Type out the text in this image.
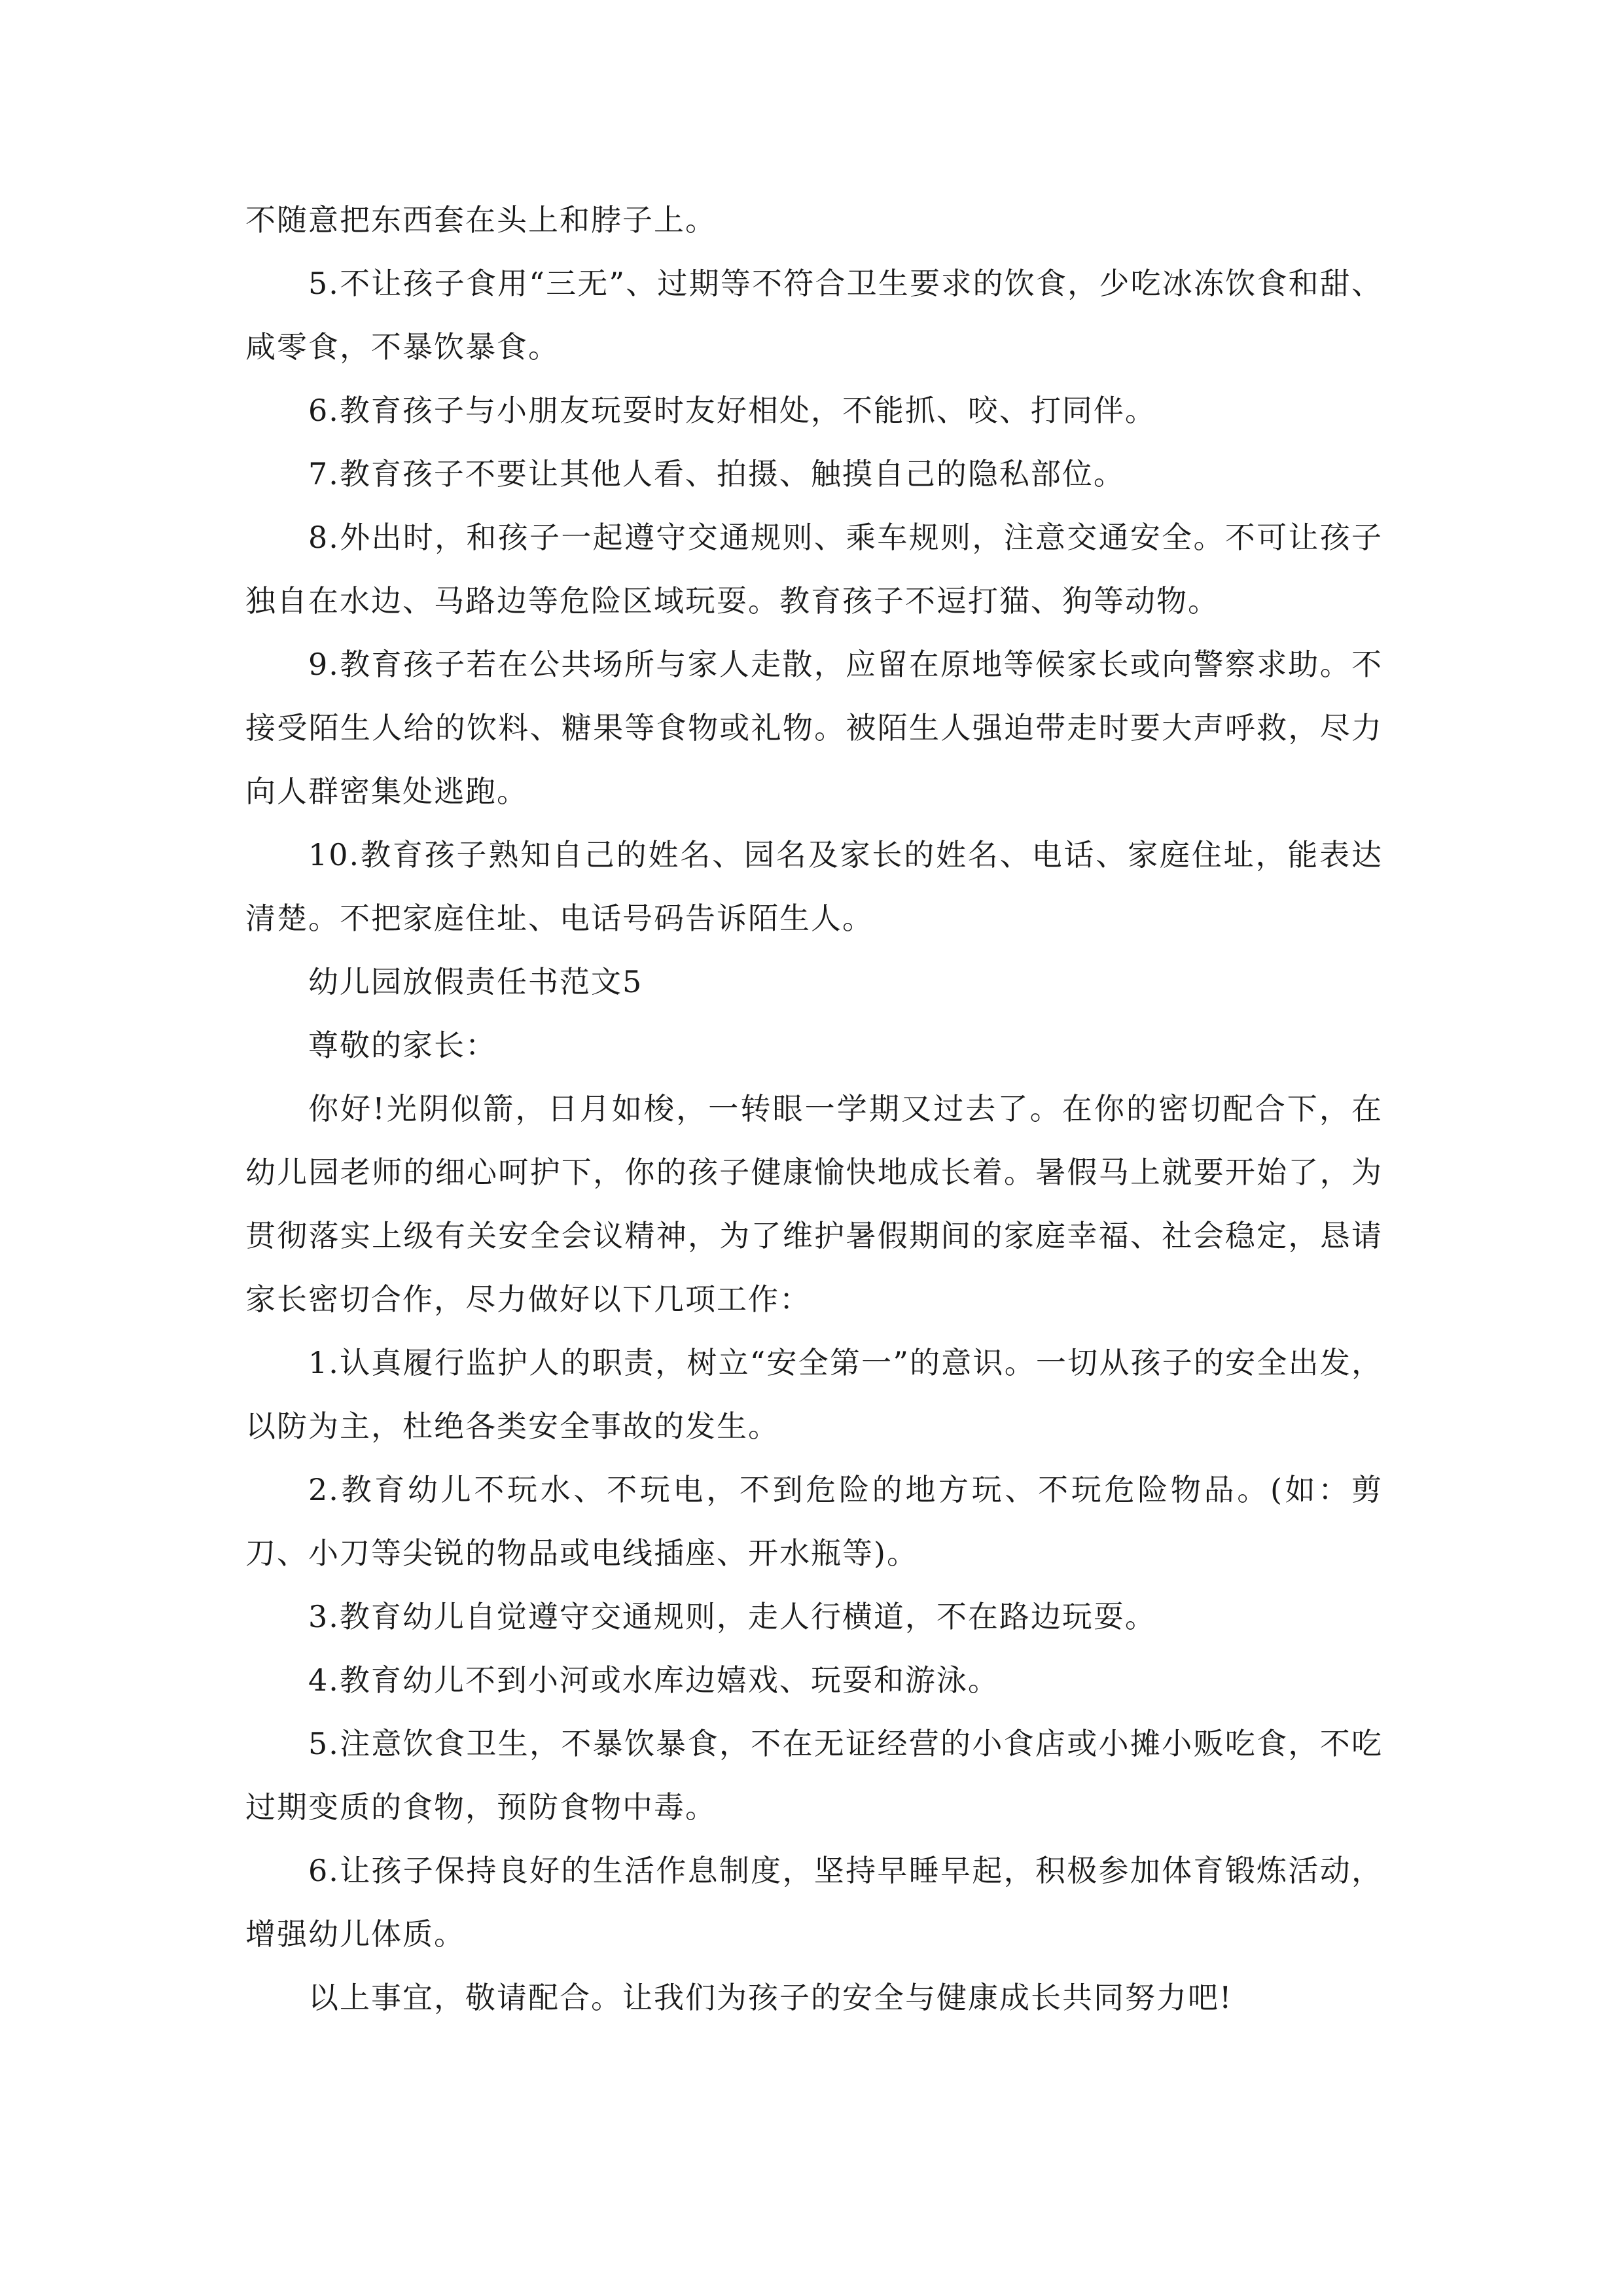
不随意把东西套在头上和脖子上。

5.不让孩子食用“三无”、过期等不符合卫生要求的饮食，少吃冰冻饮食和甜、咸零食，不暴饮暴食。

6.教育孩子与小朋友玩耍时友好相处，不能抓、咬、打同伴。

7.教育孩子不要让其他人看、拍摄、触摸自己的隐私部位。

8.外出时，和孩子一起遵守交通规则、乘车规则，注意交通安全。不可让孩子独自在水边、马路边等危险区域玩耍。教育孩子不逗打猫、狗等动物。

9.教育孩子若在公共场所与家人走散，应留在原地等候家长或向警察求助。不接受陌生人给的饮料、糖果等食物或礼物。被陌生人强迫带走时要大声呼救，尽力向人群密集处逃跑。

10.教育孩子熟知自己的姓名、园名及家长的姓名、电话、家庭住址，能表达清楚。不把家庭住址、电话号码告诉陌生人。

幼儿园放假责任书范文5

尊敬的家长：

你好!光阴似箭，日月如梭，一转眼一学期又过去了。在你的密切配合下，在幼儿园老师的细心呵护下，你的孩子健康愉快地成长着。暑假马上就要开始了，为贯彻落实上级有关安全会议精神，为了维护暑假期间的家庭幸福、社会稳定，恳请家长密切合作，尽力做好以下几项工作：

1.认真履行监护人的职责，树立“安全第一”的意识。一切从孩子的安全出发，以防为主，杜绝各类安全事故的发生。

2.教育幼儿不玩水、不玩电，不到危险的地方玩、不玩危险物品。(如：剪刀、小刀等尖锐的物品或电线插座、开水瓶等)。

3.教育幼儿自觉遵守交通规则，走人行横道，不在路边玩耍。

4.教育幼儿不到小河或水库边嬉戏、玩耍和游泳。

5.注意饮食卫生，不暴饮暴食，不在无证经营的小食店或小摊小贩吃食，不吃过期变质的食物，预防食物中毒。

6.让孩子保持良好的生活作息制度，坚持早睡早起，积极参加体育锻炼活动，增强幼儿体质。

以上事宜，敬请配合。让我们为孩子的安全与健康成长共同努力吧!
